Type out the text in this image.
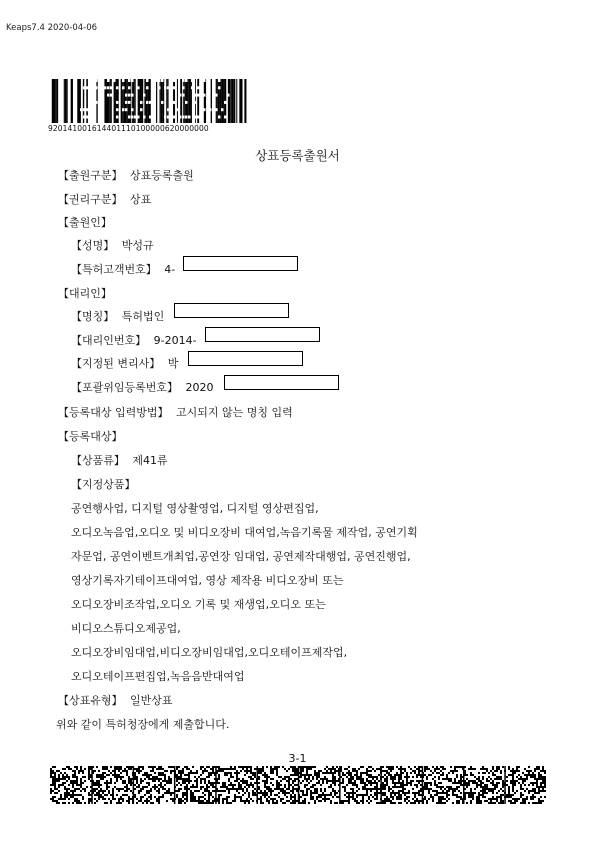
Keaps7.4 2020-04-06
920141001614401110100000620000000
상표등록출원서
【출원구분】 상표등록출원
【권리구분】 상표
【출원인】
【성명】 박성규
【특허고객번호】 4-
【대리인】
【명칭】 특허법인
【대리인번호】 9-2014-
【지정된 변리사】 박
【포괄위임등록번호】 2020
【등록대상 입력방법】 고시되지 않는 명칭 입력
【등록대상】
【상품류】 제41류
【지정상품】
공연행사업, 디지털 영상촬영업, 디지털 영상편집업,
오디오녹음업,오디오 및 비디오장비 대여업,녹음기록물 제작업, 공연기획
자문업, 공연이벤트개최업,공연장 임대업, 공연제작대행업, 공연진행업,
영상기록자기테이프대여업, 영상 제작용 비디오장비 또는
오디오장비조작업,오디오 기록 및 재생업,오디오 또는
비디오스튜디오제공업,
오디오장비임대업,비디오장비임대업,오디오테이프제작업,
오디오테이프편집업,녹음음반대여업
【상표유형】 일반상표
위와 같이 특허청장에게 제출합니다.
3-1
